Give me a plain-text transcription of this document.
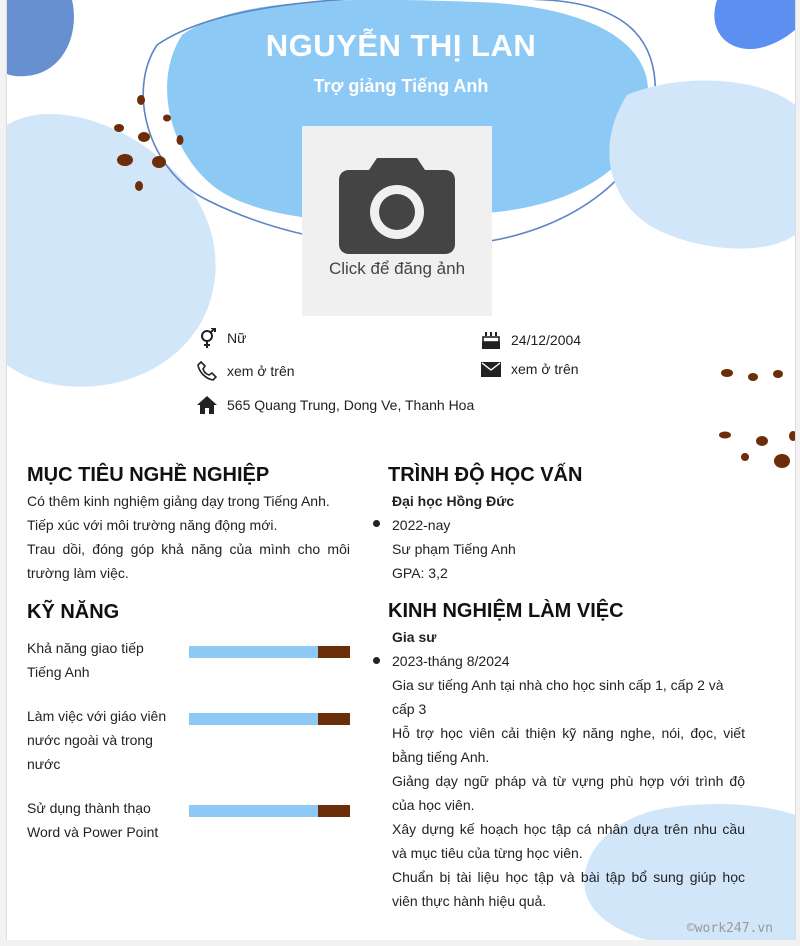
NGUYỄN THỊ LAN
Trợ giảng Tiếng Anh
Click để đăng ảnh
Nữ	24/12/2004
xem ở trên	xem ở trên
565 Quang Trung, Dong Ve, Thanh Hoa
MỤC TIÊU NGHỀ NGHIỆP
Có thêm kinh nghiệm giảng dạy trong Tiếng Anh.
Tiếp xúc với môi trường năng động mới.
Trau dồi, đóng góp khả năng của mình cho môi trường làm việc.
KỸ NĂNG
Khả năng giao tiếp Tiếng Anh
Làm việc với giáo viên nước ngoài và trong nước
Sử dụng thành thạo Word và Power Point
TRÌNH ĐỘ HỌC VẤN
Đại học Hồng Đức
2022-nay
Sư phạm Tiếng Anh
GPA: 3,2
KINH NGHIỆM LÀM VIỆC
Gia sư
2023-tháng 8/2024
Gia sư tiếng Anh tại nhà cho học sinh cấp 1, cấp 2 và cấp 3
Hỗ trợ học viên cải thiện kỹ năng nghe, nói, đọc, viết bằng tiếng Anh.
Giảng dạy ngữ pháp và từ vựng phù hợp với trình độ của học viên.
Xây dựng kế hoạch học tập cá nhân dựa trên nhu cầu và mục tiêu của từng học viên.
Chuẩn bị tài liệu học tập và bài tập bổ sung giúp học viên thực hành hiệu quả.
©work247.vn
